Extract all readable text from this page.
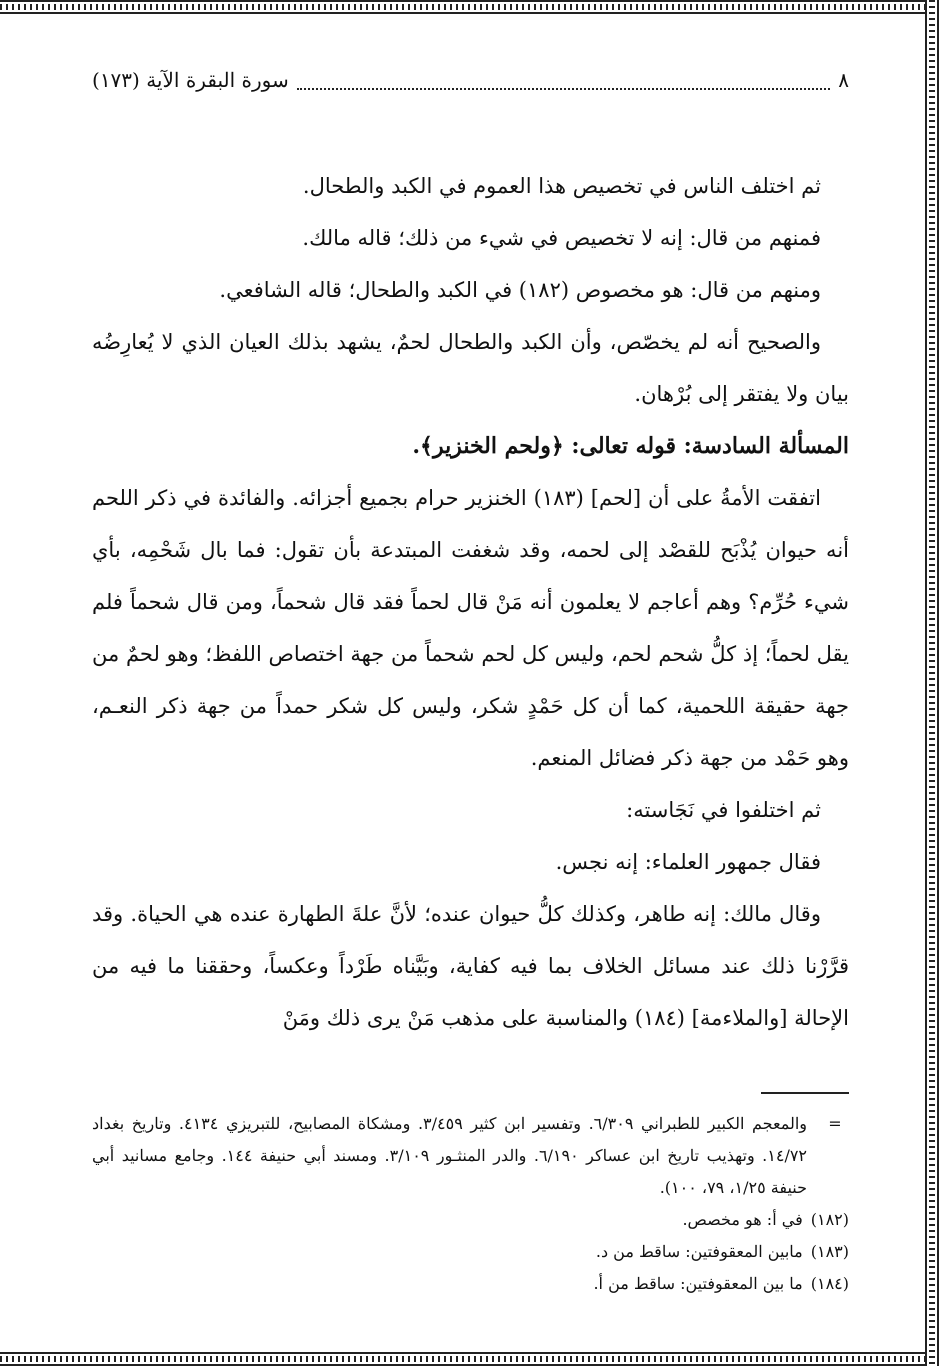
٨
سورة البقرة الآية (١٧٣)

ثم اختلف الناس في تخصيص هذا العموم في الكبد والطحال.

فمنهم من قال: إنه لا تخصيص في شيء من ذلك؛ قاله مالك.

ومنهم من قال: هو مخصوص (١٨٢) في الكبد والطحال؛ قاله الشافعي.

والصحيح أنه لم يخصّص، وأن الكبد والطحال لحمٌ، يشهد بذلك العيان الذي لا يُعارِضُه بيان ولا يفتقر إلى بُرْهان.

المسألة السادسة: قوله تعالى: ﴿ولحم الخنزير﴾.

اتفقت الأمةُ على أن [لحم] (١٨٣) الخنزير حرام بجميع أجزائه. والفائدة في ذكر اللحم أنه حيوان يُذْبَح للقصْد إلى لحمه، وقد شغفت المبتدعة بأن تقول: فما بال شَحْمِه، بأي شيء حُرِّم؟ وهم أعاجم لا يعلمون أنه مَنْ قال لحماً فقد قال شحماً، ومن قال شحماً فلم يقل لحماً؛ إذ كلُّ شحم لحم، وليس كل لحم شحماً من جهة اختصاص اللفظ؛ وهو لحمٌ من جهة حقيقة اللحمية، كما أن كل حَمْدٍ شكر، وليس كل شكر حمداً من جهة ذكر النعـم، وهو حَمْد من جهة ذكر فضائل المنعم.

ثم اختلفوا في نَجَاسته:

فقال جمهور العلماء: إنه نجس.

وقال مالك: إنه طاهر، وكذلك كلُّ حيوان عنده؛ لأنَّ علةَ الطهارة عنده هي الحياة. وقد قرَّرْنا ذلك عند مسائل الخلاف بما فيه كفاية، وبَيَّناه طَرْداً وعكساً، وحققنا ما فيه من الإحالة [والملاءمة] (١٨٤) والمناسبة على مذهب مَنْ يرى ذلك ومَنْ

=
والمعجم الكبير للطبراني ٦/٣٠٩. وتفسير ابن كثير ٣/٤٥٩. ومشكاة المصابيح، للتبريزي ٤١٣٤. وتاريخ بغداد ١٤/٧٢. وتهذيب تاريخ ابن عساكر ٦/١٩٠. والدر المنثـور ٣/١٠٩. ومسند أبي حنيفة ١٤٤. وجامع مسانيد أبي حنيفة ١/٢٥، ٧٩، ١٠٠).
(١٨٢)
في أ: هو مخصص.
(١٨٣)
مابين المعقوفتين: ساقط من د.
(١٨٤)
ما بين المعقوفتين: ساقط من أ.
